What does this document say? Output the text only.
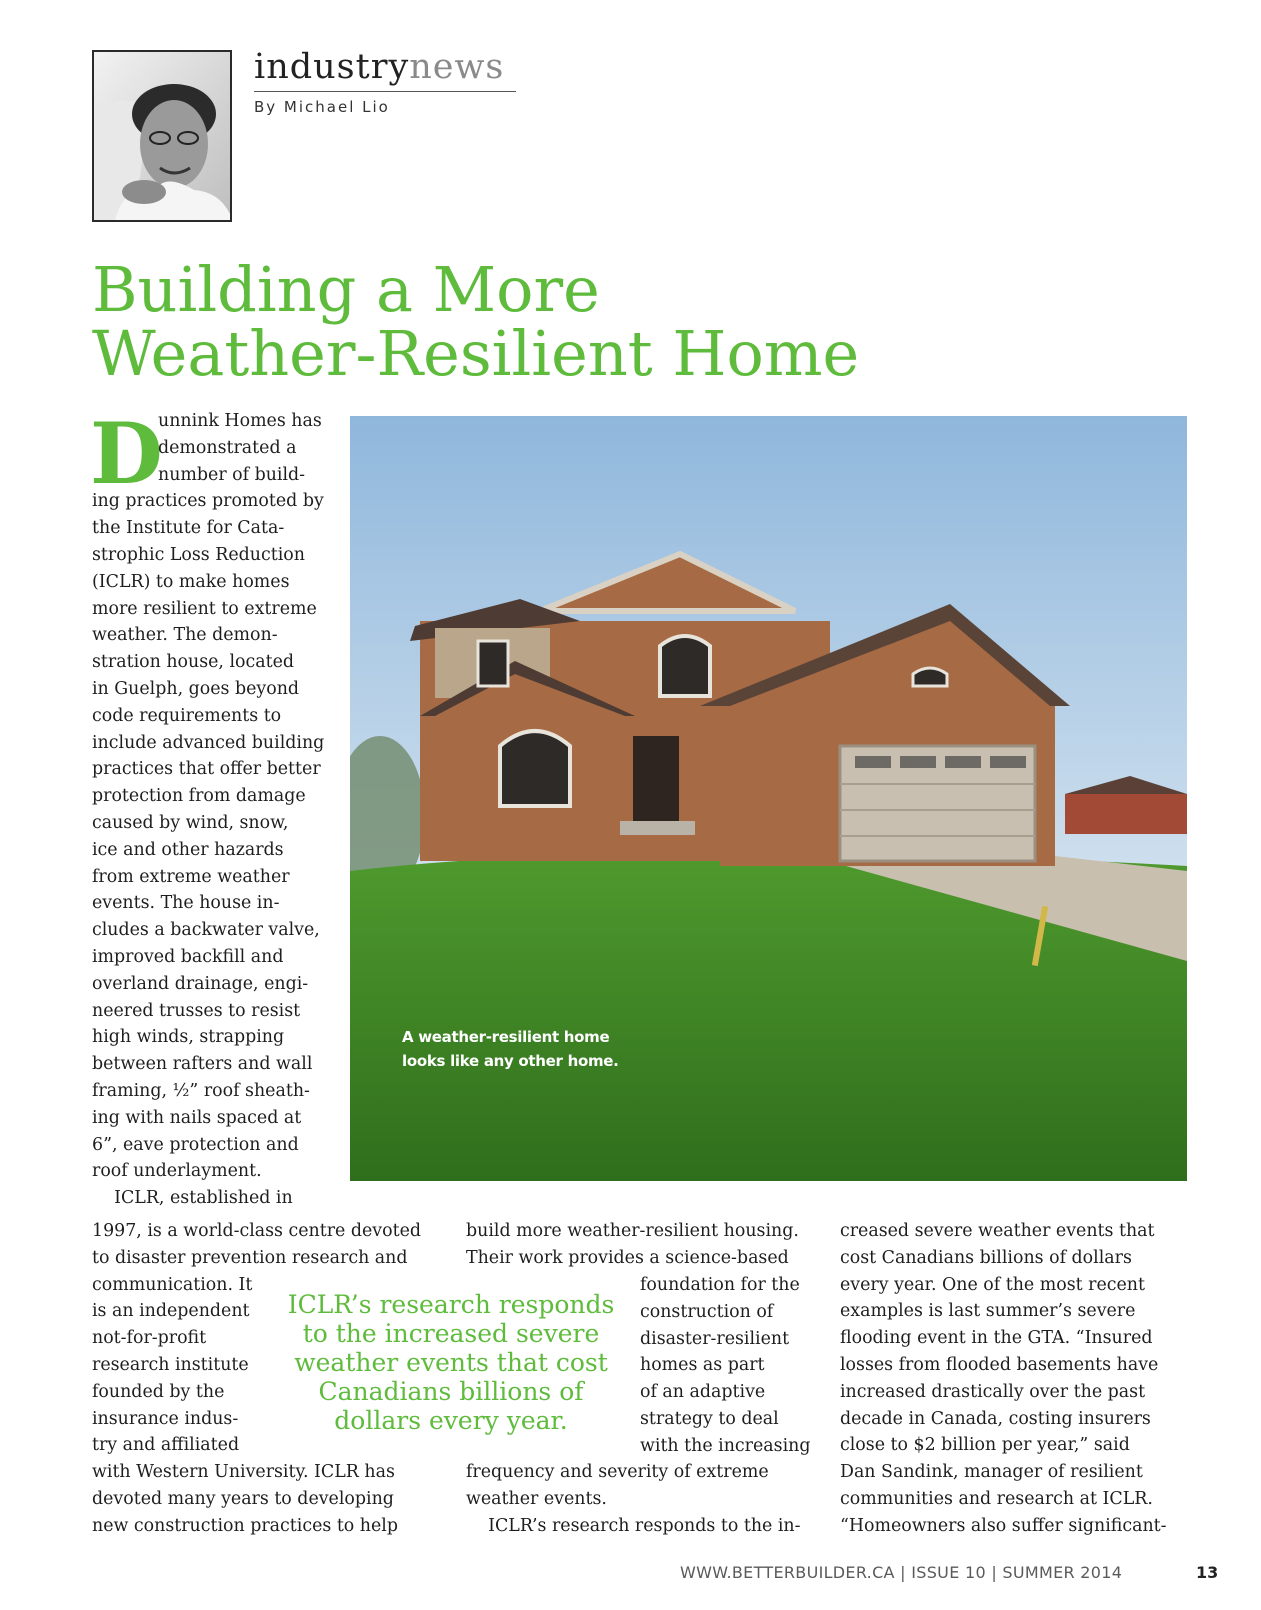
industrynews
By Michael Lio
Building a More
Weather-Resilient Home
A weather-resilient home
looks like any other home.
D
unnink Homes has
demonstrated a
number of build-
ing practices promoted by
the Institute for Cata-
strophic Loss Reduction
(ICLR) to make homes
more resilient to extreme
weather. The demon-
stration house, located
in Guelph, goes beyond
code requirements to
include advanced building
practices that offer better
protection from damage
caused by wind, snow,
ice and other hazards
from extreme weather
events. The house in-
cludes a backwater valve,
improved backfill and
overland drainage, engi-
neered trusses to resist
high winds, strapping
between rafters and wall
framing, ½” roof sheath-
ing with nails spaced at
6”, eave protection and
roof underlayment.
ICLR, established in
1997, is a world-class centre devoted
to disaster prevention research and
communication. It
is an independent
not-for-profit
research institute
founded by the
insurance indus-
try and affiliated
with Western University. ICLR has
devoted many years to developing
new construction practices to help
build more weather-resilient housing.
Their work provides a science-based
foundation for the
construction of
disaster-resilient
homes as part
of an adaptive
strategy to deal
with the increasing
frequency and severity of extreme
weather events.
ICLR’s research responds to the in-
creased severe weather events that
cost Canadians billions of dollars
every year. One of the most recent
examples is last summer’s severe
flooding event in the GTA. “Insured
losses from flooded basements have
increased drastically over the past
decade in Canada, costing insurers
close to $2 billion per year,” said
Dan Sandink, manager of resilient
communities and research at ICLR.
“Homeowners also suffer significant-
ICLR’s research responds
to the increased severe
weather events that cost
Canadians billions of
dollars every year.
WWW.BETTERBUILDER.CA | ISSUE 10 | SUMMER 2014	13
